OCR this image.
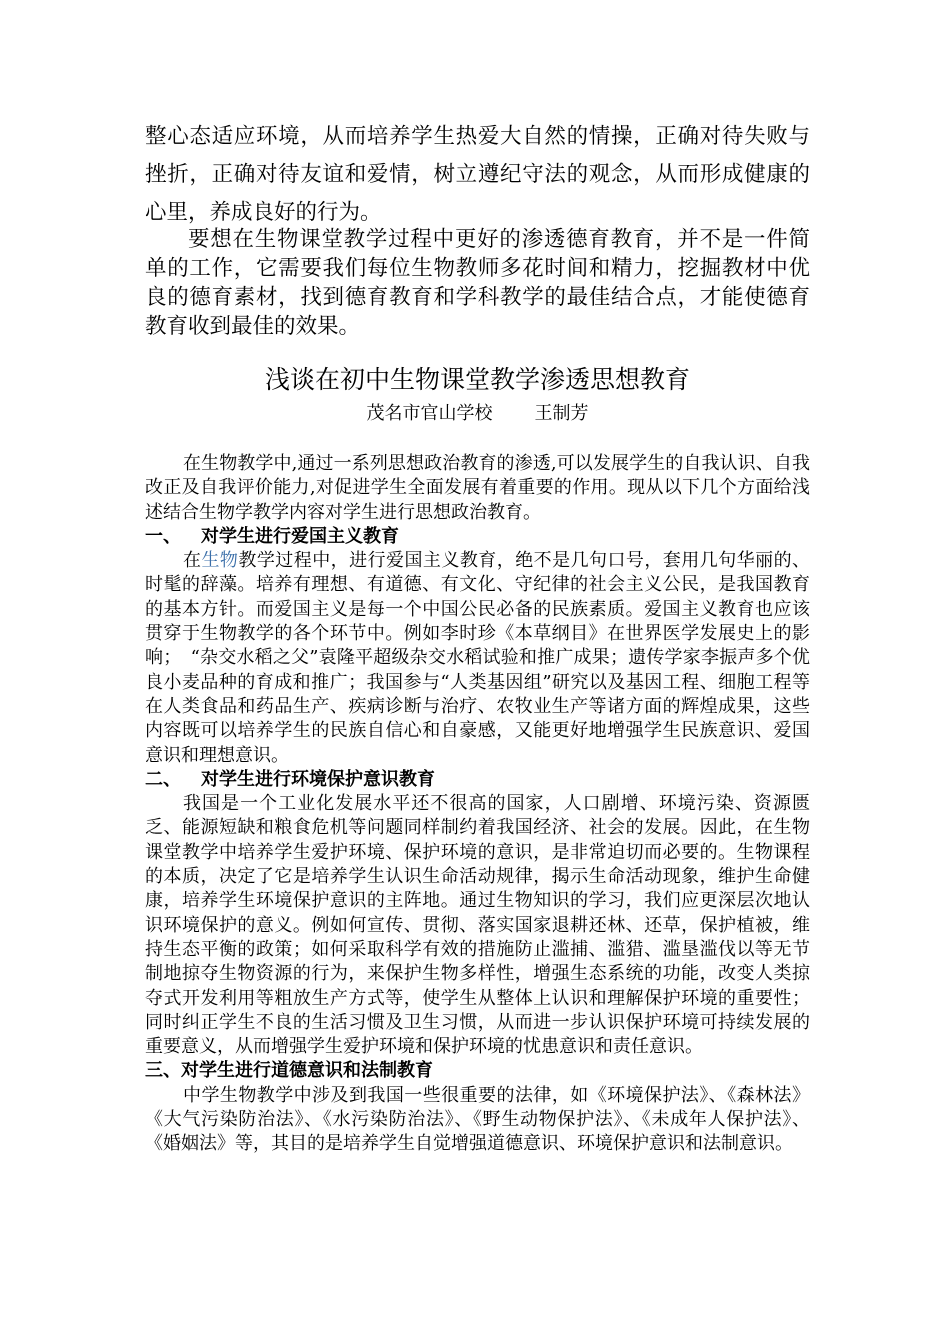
整心态适应环境，从而培养学生热爱大自然的情操，正确对待失败与挫折，正确对待友谊和爱情，树立遵纪守法的观念，从而形成健康的心里，养成良好的行为。

要想在生物课堂教学过程中更好的渗透德育教育，并不是一件简单的工作，它需要我们每位生物教师多花时间和精力，挖掘教材中优良的德育素材，找到德育教育和学科教学的最佳结合点，才能使德育教育收到最佳的效果。

浅谈在初中生物课堂教学渗透思想教育
茂名市官山学校 王制芳

在生物教学中,通过一系列思想政治教育的渗透,可以发展学生的自我认识、自我改正及自我评价能力,对促进学生全面发展有着重要的作用。现从以下几个方面给浅述结合生物学教学内容对学生进行思想政治教育。

一、 对学生进行爱国主义教育

在生物教学过程中，进行爱国主义教育，绝不是几句口号，套用几句华丽的、时髦的辞藻。培养有理想、有道德、有文化、守纪律的社会主义公民，是我国教育的基本方针。而爱国主义是每一个中国公民必备的民族素质。爱国主义教育也应该贯穿于生物教学的各个环节中。例如李时珍《本草纲目》在世界医学发展史上的影响；　“杂交水稻之父”袁隆平超级杂交水稻试验和推广成果；遗传学家李振声多个优良小麦品种的育成和推广；我国参与“人类基因组”研究以及基因工程、细胞工程等在人类食品和药品生产、疾病诊断与治疗、农牧业生产等诸方面的辉煌成果，这些内容既可以培养学生的民族自信心和自豪感，又能更好地增强学生民族意识、爱国意识和理想意识。

二、 对学生进行环境保护意识教育

我国是一个工业化发展水平还不很高的国家，人口剧增、环境污染、资源匮乏、能源短缺和粮食危机等问题同样制约着我国经济、社会的发展。因此，在生物课堂教学中培养学生爱护环境、保护环境的意识，是非常迫切而必要的。生物课程的本质，决定了它是培养学生认识生命活动规律，揭示生命活动现象，维护生命健康，培养学生环境保护意识的主阵地。通过生物知识的学习，我们应更深层次地认识环境保护的意义。例如何宣传、贯彻、落实国家退耕还林、还草，保护植被，维持生态平衡的政策；如何采取科学有效的措施防止滥捕、滥猎、滥垦滥伐以等无节制地掠夺生物资源的行为，来保护生物多样性，增强生态系统的功能，改变人类掠夺式开发利用等粗放生产方式等，使学生从整体上认识和理解保护环境的重要性；同时纠正学生不良的生活习惯及卫生习惯，从而进一步认识保护环境可持续发展的重要意义，从而增强学生爱护环境和保护环境的忧患意识和责任意识。

三、对学生进行道德意识和法制教育

中学生物教学中涉及到我国一些很重要的法律，如《环境保护法》、《森林法》《大气污染防治法》、《水污染防治法》、《野生动物保护法》、《未成年人保护法》、《婚姻法》等，其目的是培养学生自觉增强道德意识、环境保护意识和法制意识。
